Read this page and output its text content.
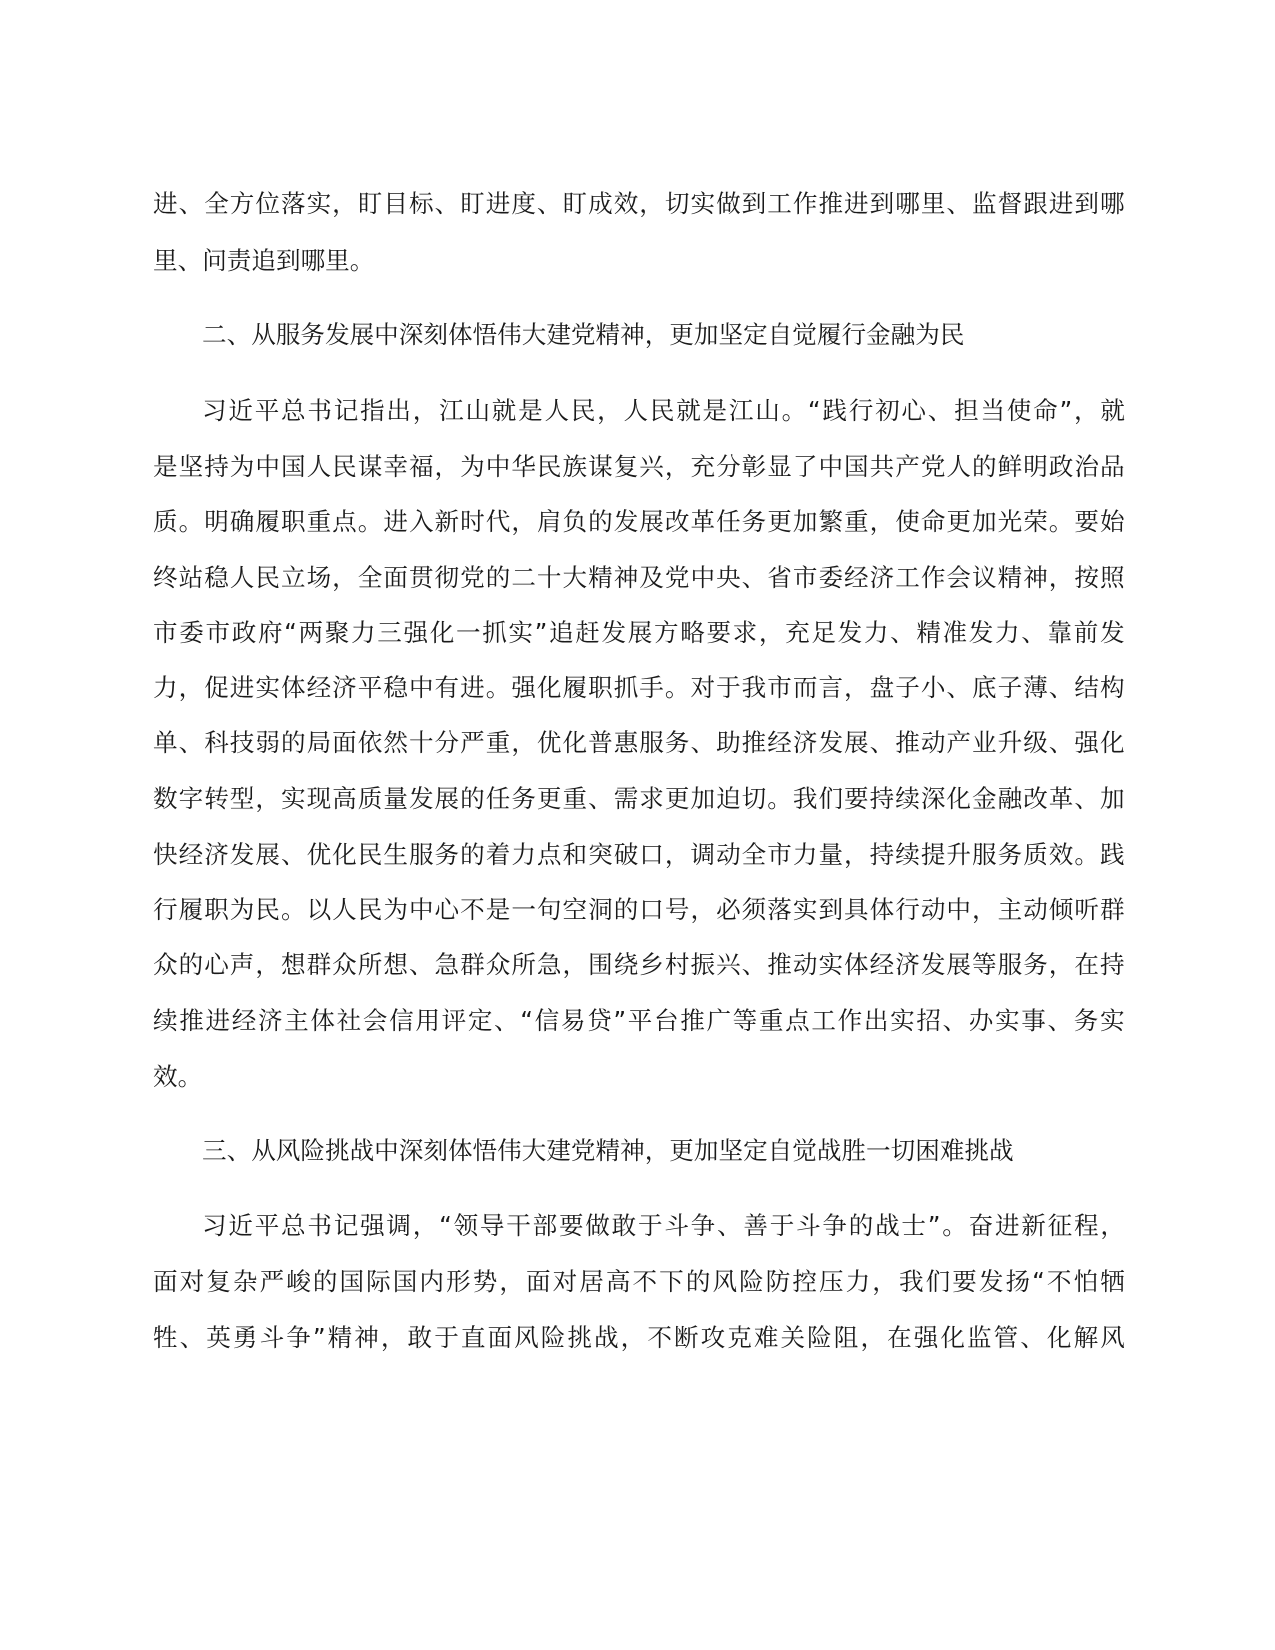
进 、 全 方 位 落 实 ， 盯 目 标 、 盯 进 度 、 盯 成 效 ， 切 实 做 到 工 作 推 进 到 哪 里 、 监 督 跟 进 到 哪
里、问责追到哪里。
二、从服务发展中深刻体悟伟大建党精神，更加坚定自觉履行金融为民
习 近 平 总 书 记 指 出 ， 江 山 就 是 人 民 ， 人 民 就 是 江 山 。 “ 践 行 初 心 、 担 当 使 命 ” ， 就
是 坚 持 为 中 国 人 民 谋 幸 福 ， 为 中 华 民 族 谋 复 兴 ， 充 分 彰 显 了 中 国 共 产 党 人 的 鲜 明 政 治 品
质 。 明 确 履 职 重 点 。 进 入 新 时 代 ， 肩 负 的 发 展 改 革 任 务 更 加 繁 重 ， 使 命 更 加 光 荣 。 要 始
终 站 稳 人 民 立 场 ， 全 面 贯 彻 党 的 二 十 大 精 神 及 党 中 央 、 省 市 委 经 济 工 作 会 议 精 神 ， 按 照
市 委 市 政 府 “ 两 聚 力 三 强 化 一 抓 实 ” 追 赶 发 展 方 略 要 求 ， 充 足 发 力 、 精 准 发 力 、 靠 前 发
力 ， 促 进 实 体 经 济 平 稳 中 有 进 。 强 化 履 职 抓 手 。 对 于 我 市 而 言 ， 盘 子 小 、 底 子 薄 、 结 构
单 、 科 技 弱 的 局 面 依 然 十 分 严 重 ， 优 化 普 惠 服 务 、 助 推 经 济 发 展 、 推 动 产 业 升 级 、 强 化
数 字 转 型 ， 实 现 高 质 量 发 展 的 任 务 更 重 、 需 求 更 加 迫 切 。 我 们 要 持 续 深 化 金 融 改 革 、 加
快 经 济 发 展 、 优 化 民 生 服 务 的 着 力 点 和 突 破 口 ， 调 动 全 市 力 量 ， 持 续 提 升 服 务 质 效 。 践
行 履 职 为 民 。 以 人 民 为 中 心 不 是 一 句 空 洞 的 口 号 ， 必 须 落 实 到 具 体 行 动 中 ， 主 动 倾 听 群
众 的 心 声 ， 想 群 众 所 想 、 急 群 众 所 急 ， 围 绕 乡 村 振 兴 、 推 动 实 体 经 济 发 展 等 服 务 ， 在 持
续 推 进 经 济 主 体 社 会 信 用 评 定 、 “ 信 易 贷 ” 平 台 推 广 等 重 点 工 作 出 实 招 、 办 实 事 、 务 实
效。
三、从风险挑战中深刻体悟伟大建党精神，更加坚定自觉战胜一切困难挑战
习 近 平 总 书 记 强 调 ， “ 领 导 干 部 要 做 敢 于 斗 争 、 善 于 斗 争 的 战 士 ” 。 奋 进 新 征 程 ，
面 对 复 杂 严 峻 的 国 际 国 内 形 势 ， 面 对 居 高 不 下 的 风 险 防 控 压 力 ， 我 们 要 发 扬 “ 不 怕 牺
牲 、 英 勇 斗 争 ” 精 神 ， 敢 于 直 面 风 险 挑 战 ， 不 断 攻 克 难 关 险 阻 ， 在 强 化 监 管 、 化 解 风
